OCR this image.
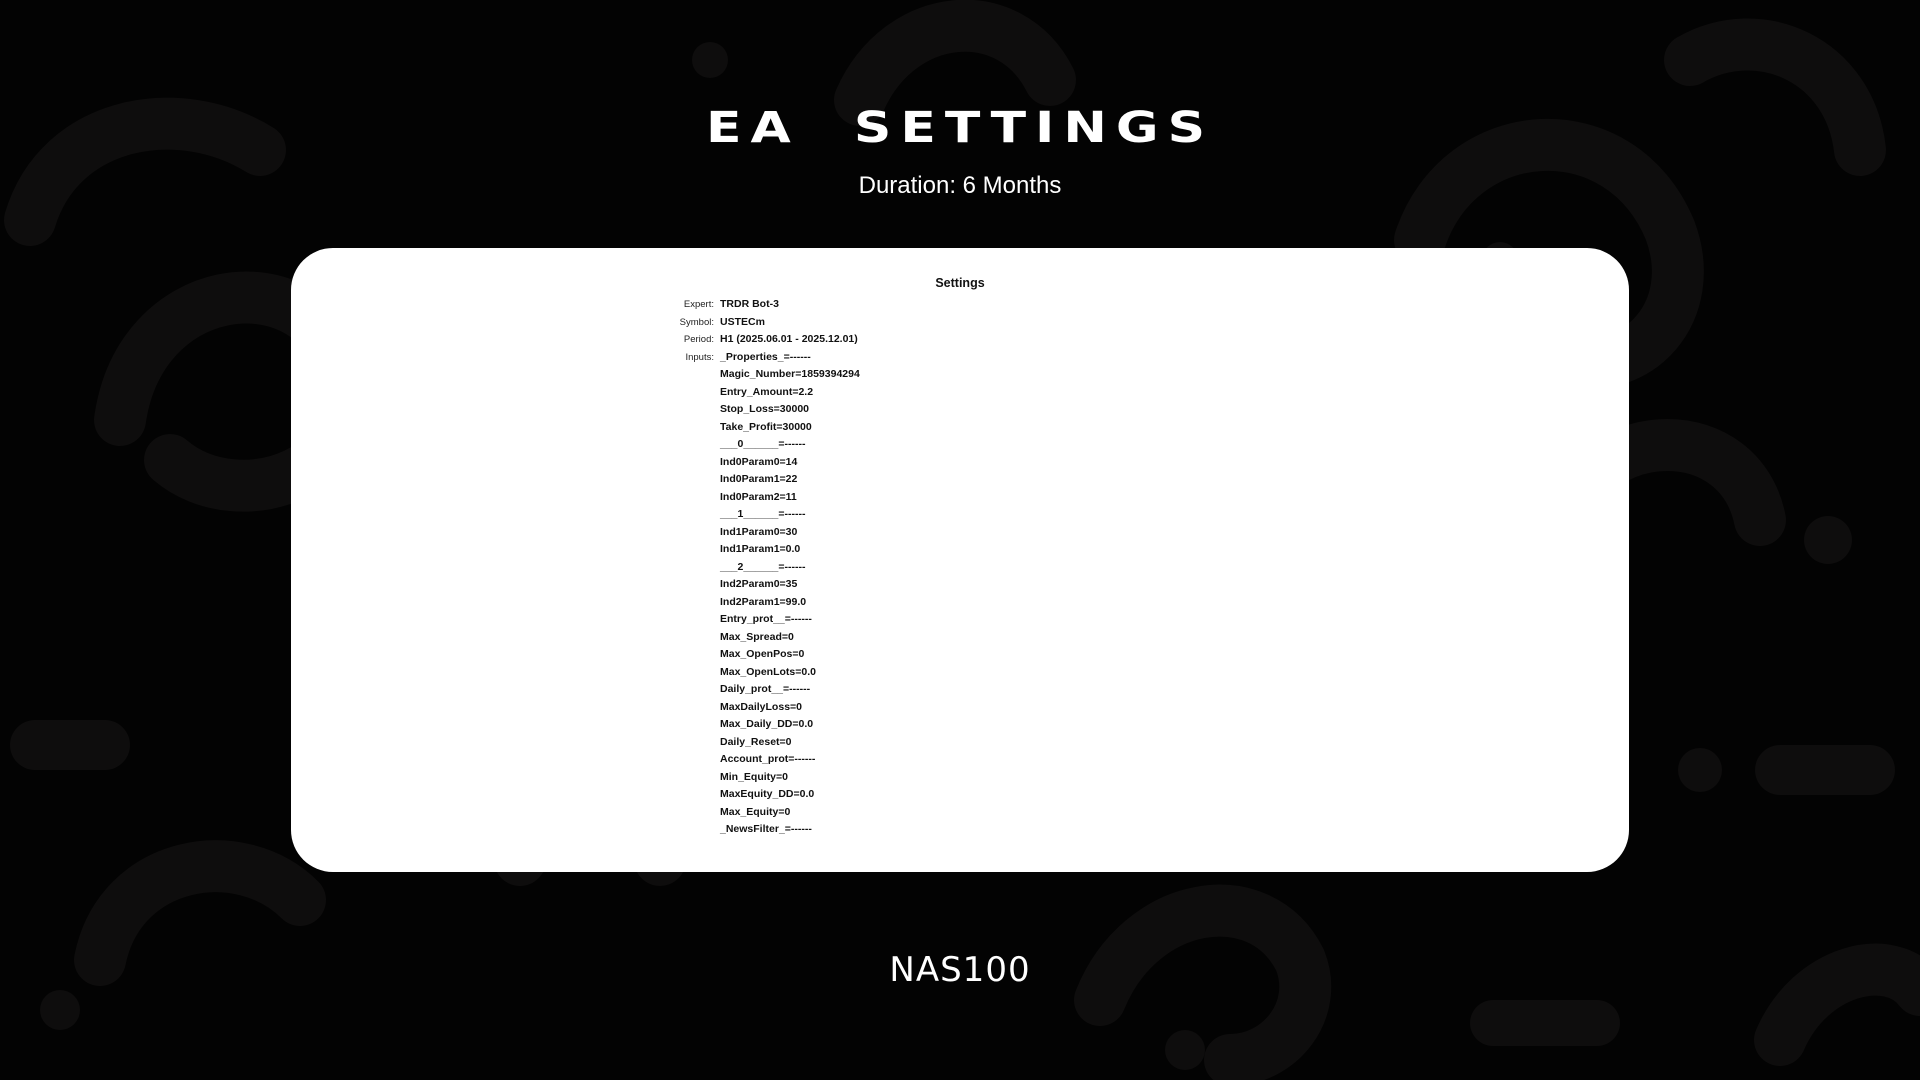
EA  SETTINGS
Duration: 6 Months
Settings
Expert: TRDR Bot-3
Symbol: USTECm
Period: H1 (2025.06.01 - 2025.12.01)
Inputs: _Properties_=------
Magic_Number=1859394294
Entry_Amount=2.2
Stop_Loss=30000
Take_Profit=30000
___0______=------
Ind0Param0=14
Ind0Param1=22
Ind0Param2=11
___1______=------
Ind1Param0=30
Ind1Param1=0.0
___2______=------
Ind2Param0=35
Ind2Param1=99.0
Entry_prot__=------
Max_Spread=0
Max_OpenPos=0
Max_OpenLots=0.0
Daily_prot__=------
MaxDailyLoss=0
Max_Daily_DD=0.0
Daily_Reset=0
Account_prot=------
Min_Equity=0
MaxEquity_DD=0.0
Max_Equity=0
_NewsFilter_=------
NAS100
